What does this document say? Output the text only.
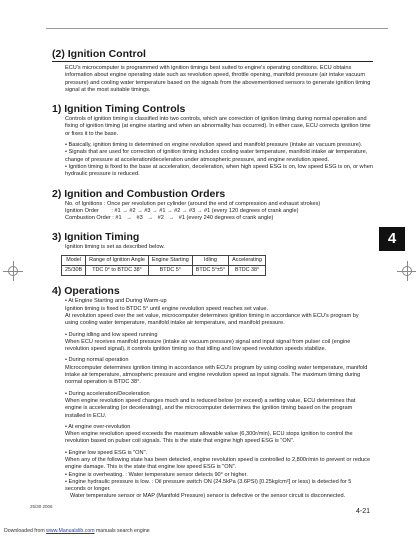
4
(2) Ignition Control

ECU's microcomputer is programmed with ignition timings best suited to engine's operating conditions. ECU obtains information about engine operating state such as revolution speed, throttle opening, manifold pressure (air intake vacuum pressure) and cooling water temperature based on the signals from the abovementioned sensors to generate ignition timing signal at the most suitable timings.

1) Ignition Timing Controls

Controls of ignition timing is classified into two controls, which are correction of ignition timing during normal operation and fixing of ignition timing (at engine starting and when an abnormality has occurred). In either case, ECU corrects ignition time or fixes it to the base.

• Basically, ignition timing is determined on engine revolution speed and manifold pressure (intake air vacuum pressure).

• Signals that are used for correction of ignition timing includes cooling water temperature, manifold intake air temperature, change of pressure at acceleration/deceleration under atmospheric pressure, and engine revolution speed.

• Ignition timing is fixed to the base at acceleration, deceleration, when high speed ESG is on, low speed ESG is on, or when hydraulic pressure is reduced.

2) Ignition and Combustion Orders

No. of Ignitions : Once per revolution per cylinder (around the end of compression and exhaust strokes)

Ignition Order        : #1 → #2 → #3 → #1 → #2 → #3 → #1 (every 120 degrees of crank angle)

Combustion Order : #1   →   #3   →   #2   →   #1 (every 240 degrees of crank angle)

3) Ignition Timing

Ignition timing is set as described below.

Model	Range of Ignition Angle	Engine Starting	Idling	Accelerating
25/30B	TDC 0° to BTDC 38°	BTDC 5°	BTDC 5°±5°	BTDC 38°
4) Operations

• At Engine Starting and During Warm-up

Ignition timing is fixed to BTDC 5° until engine revolution speed reaches set value.

At revolution speed over the set value, microcomputer determines ignition timing in accordance with ECU's program by using cooling water temperature, manifold intake air temperature, and manifold pressure.

• During idling and low speed running

When ECU receives manifold pressure (intake air vacuum pressure) signal and input signal from pulser coil (engine revolution speed signal), it controls ignition timing so that idling and low speed revolution speeds stabilize.

• During normal operation

Microcomputer determines ignition timing in accordance with ECU's program by using cooling water temperature, manifold intake air temperature, atmospheric pressure and engine revolution speed as input signals. The maximum timing during normal operation is BTDC 38°.

• During acceleration/Deceleration

When engine revolution speed changes much and is reduced below (or exceed) a setting value, ECU determines that engine is accelerating (or decelerating), and the microcomputer determines the ignition timing based on the program installed in ECU.

• At engine over-revolution

When engine revolution speed exceeds the maximum allowable value (6,300r/min), ECU stops ignition to control the revolution based on pulser coil signals. This is the state that engine high speed ESG is "ON".

• Engine low speed ESG is "ON".

When any of the following state has been detected, engine revolution speed is controlled to 2,800r/min to prevent or reduce engine damage. This is the state that engine low speed ESG is "ON".

• Engine is overheating. : Water temperature sensor detects 90° or higher.

• Engine hydraulic pressure is low. : Oil pressure switch ON (24.5kPa (3.6PSI) [0.25kg/cm²] or less) is detected for 5 seconds or longer.

Water temperature sensor or MAP (Manifold Pressure) sensor is defective or the sensor circuit is disconnected.

25/30 2006
4-21
Downloaded from www.Manualslib.com manuals search engine
